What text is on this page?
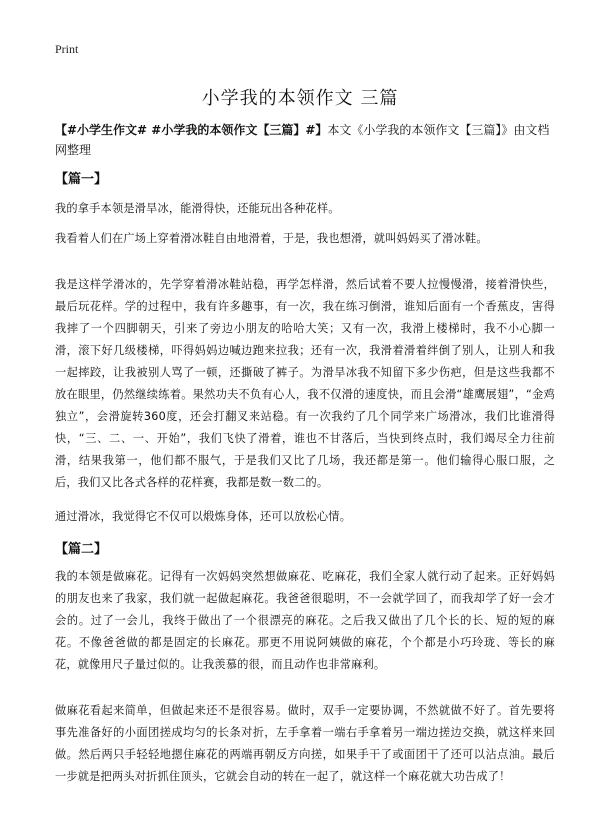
Print
小学我的本领作文 三篇
【#小学生作文# #小学我的本领作文【三篇】#】本文《小学我的本领作文【三篇】》由文档网整理
【篇一】
我的拿手本领是滑旱冰，能滑得快，还能玩出各种花样。
我看着人们在广场上穿着滑冰鞋自由地滑着，于是，我也想滑，就叫妈妈买了滑冰鞋。
我是这样学滑冰的，先学穿着滑冰鞋站稳，再学怎样滑，然后试着不要人拉慢慢滑，接着滑快些，最后玩花样。学的过程中，我有许多趣事，有一次，我在练习倒滑，谁知后面有一个香蕉皮，害得我摔了一个四脚朝天，引来了旁边小朋友的哈哈大笑；又有一次，我滑上楼梯时，我不小心脚一滑，滚下好几级楼梯，吓得妈妈边喊边跑来拉我；还有一次，我滑着滑着绊倒了别人，让别人和我一起摔跤，让我被别人骂了一顿，还撕破了裤子。为滑旱冰我不知留下多少伤疤，但是这些我都不放在眼里，仍然继续练着。果然功夫不负有心人，我不仅滑的速度快，而且会滑“雄鹰展翅”，“金鸡独立”，会滑旋转360度，还会打翻叉来站稳。有一次我约了几个同学来广场滑冰，我们比谁滑得快，“三、二、一、开始”，我们飞快了滑着，谁也不甘落后，当快到终点时，我们竭尽全力往前滑，结果我第一，他们都不服气，于是我们又比了几场，我还都是第一。他们输得心服口服，之后，我们又比各式各样的花样赛，我都是数一数二的。
通过滑冰，我觉得它不仅可以煅炼身体，还可以放松心情。
【篇二】
我的本领是做麻花。记得有一次妈妈突然想做麻花、吃麻花，我们全家人就行动了起来。正好妈妈的朋友也来了我家，我们就一起做起麻花。我爸爸很聪明，不一会就学回了，而我却学了好一会才会的。过了一会儿，我终于做出了一个很漂亮的麻花。之后我又做出了几个长的长、短的短的麻花。不像爸爸做的都是固定的长麻花。那更不用说阿姨做的麻花，个个都是小巧玲珑、等长的麻花，就像用尺子量过似的。让我羡慕的很，而且动作也非常麻利。
做麻花看起来简单，但做起来还不是很容易。做时，双手一定要协调，不然就做不好了。首先要将事先准备好的小面团搓成均匀的长条对折，左手拿着一端右手拿着另一端边搓边交换，就这样来回做。然后两只手轻轻地摁住麻花的两端再朝反方向搓，如果手干了或面团干了还可以沾点油。最后一步就是把两头对折抓住顶头，它就会自动的转在一起了，就这样一个麻花就大功告成了！
